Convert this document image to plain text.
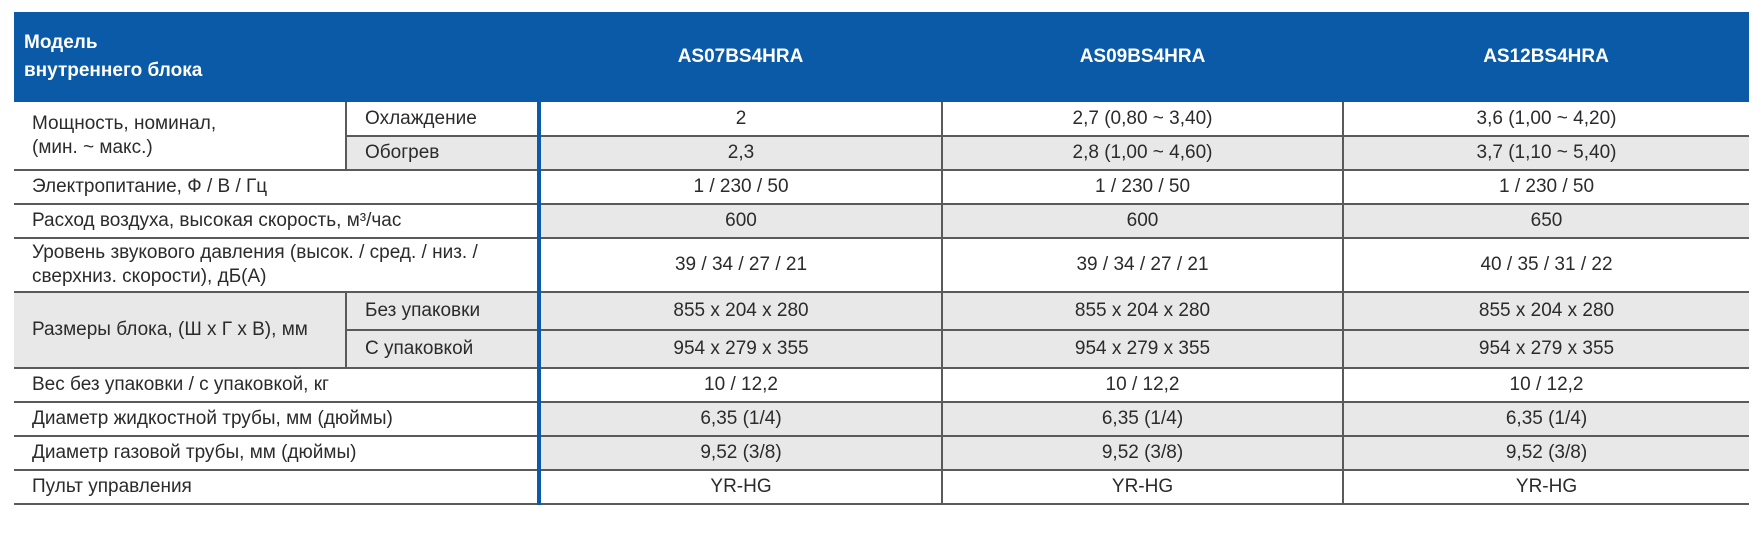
Модель
внутреннего блока		AS07BS4HRA	AS09BS4HRA	AS12BS4HRA
Мощность, номинал,
(мин. ~ макс.)	Охлаждение	2	2,7 (0,80 ~ 3,40)	3,6 (1,00 ~ 4,20)
	Обогрев	2,3	2,8 (1,00 ~ 4,60)	3,7 (1,10 ~ 5,40)
Электропитание, Ф / В / Гц		1 / 230 / 50	1 / 230 / 50	1 / 230 / 50
Расход воздуха, высокая скорость, м³/час		600	600	650
Уровень звукового давления (высок. / сред. / низ. /
сверхниз. скорости), дБ(А)		39 / 34 / 27 / 21	39 / 34 / 27 / 21	40 / 35 / 31 / 22
Размеры блока, (Ш x Г x В), мм	Без упаковки	855 x 204 x 280	855 x 204 x 280	855 x 204 x 280
	С упаковкой	954 x 279 x 355	954 x 279 x 355	954 x 279 x 355
Вес без упаковки / с упаковкой, кг		10 / 12,2	10 / 12,2	10 / 12,2
Диаметр жидкостной трубы, мм (дюймы)		6,35 (1/4)	6,35 (1/4)	6,35 (1/4)
Диаметр газовой трубы, мм (дюймы)		9,52 (3/8)	9,52 (3/8)	9,52 (3/8)
Пульт управления		YR-HG	YR-HG	YR-HG
